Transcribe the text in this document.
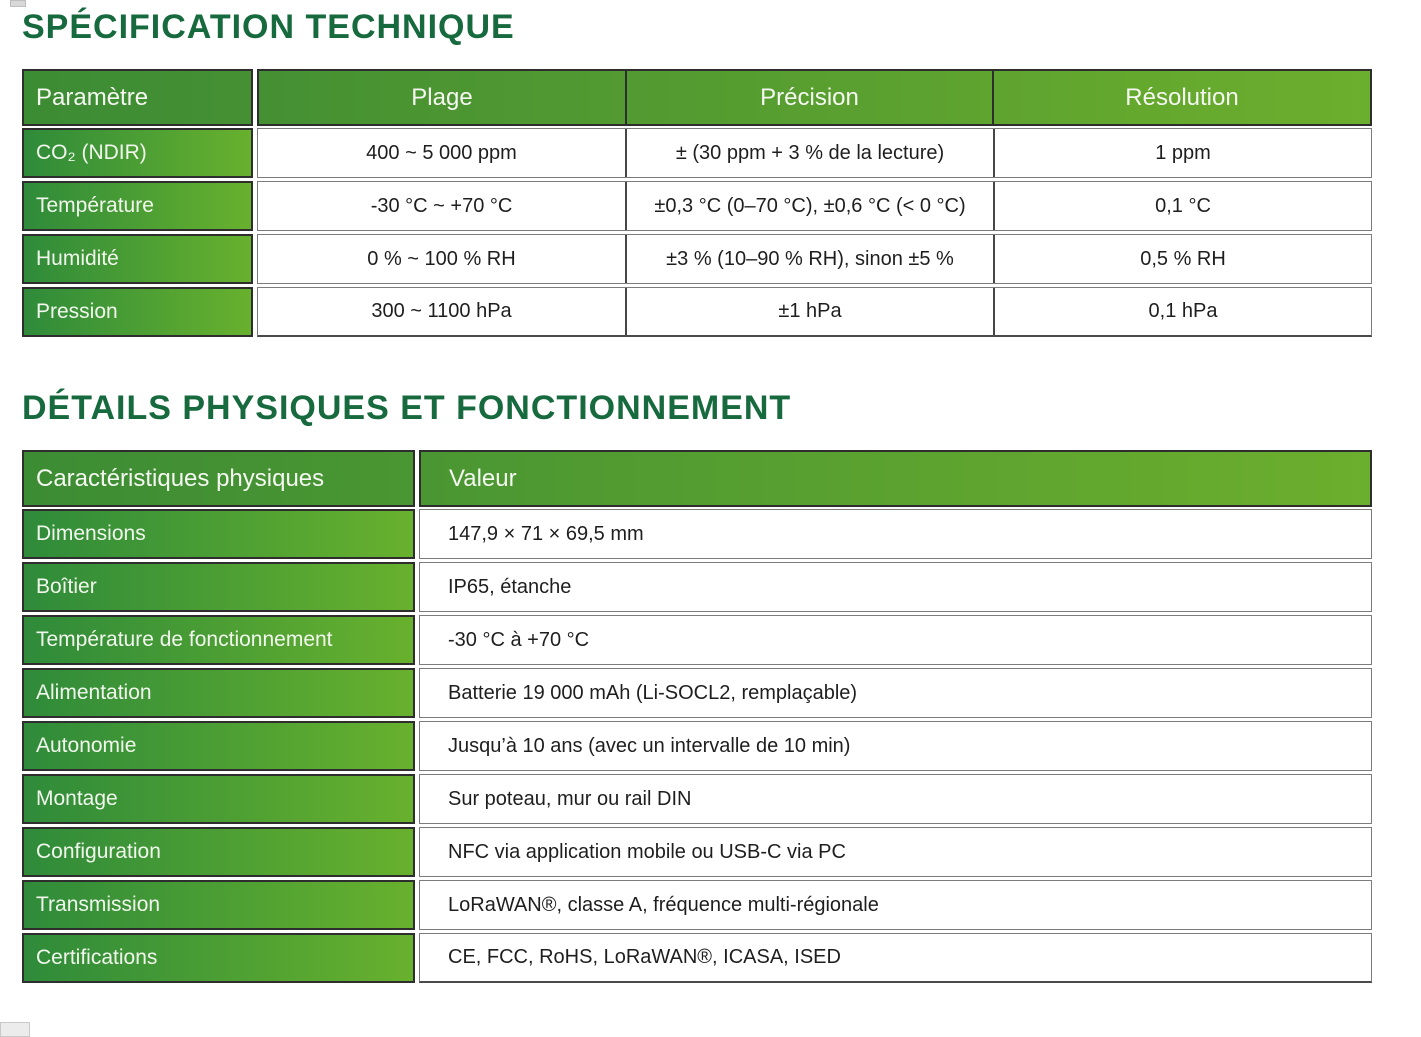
SPÉCIFICATION TECHNIQUE
Paramètre	Plage	Précision	Résolution
CO₂ (NDIR)	400 ~ 5 000 ppm	± (30 ppm + 3 % de la lecture)	1 ppm
Température	-30 °C ~ +70 °C	±0,3 °C (0–70 °C), ±0,6 °C (< 0 °C)	0,1 °C
Humidité	0 % ~ 100 % RH	±3 % (10–90 % RH), sinon ±5 %	0,5 % RH
Pression	300 ~ 1100 hPa	±1 hPa	0,1 hPa
DÉTAILS PHYSIQUES ET FONCTIONNEMENT
Caractéristiques physiques	Valeur
Dimensions	147,9 × 71 × 69,5 mm
Boîtier	IP65, étanche
Température de fonctionnement	-30 °C à +70 °C
Alimentation	Batterie 19 000 mAh (Li-SOCL2, remplaçable)
Autonomie	Jusqu’à 10 ans (avec un intervalle de 10 min)
Montage	Sur poteau, mur ou rail DIN
Configuration	NFC via application mobile ou USB-C via PC
Transmission	LoRaWAN®, classe A, fréquence multi-régionale
Certifications	CE, FCC, RoHS, LoRaWAN®, ICASA, ISED
